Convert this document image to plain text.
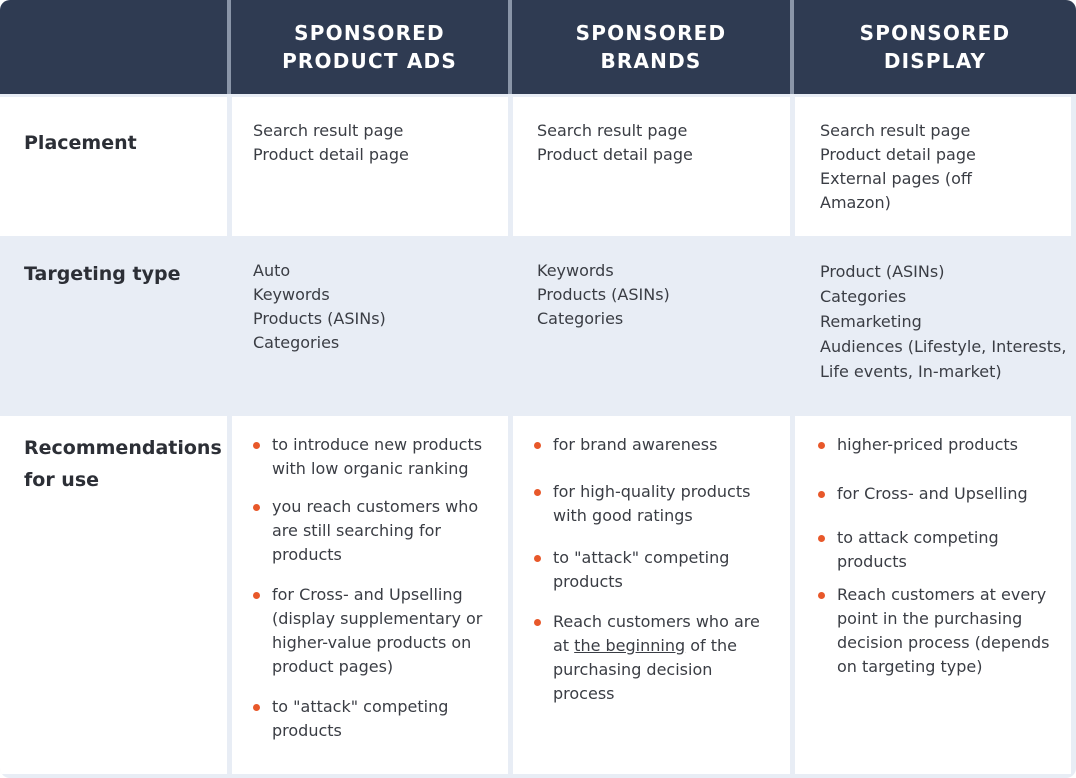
SPONSORED
PRODUCT ADS
SPONSORED
BRANDS
SPONSORED
DISPLAY
Placement
Search result page
Product detail page
Search result page
Product detail page
Search result page
Product detail page
External pages (off
Amazon)
Targeting type	Auto
Keywords
Products (ASINs)
Categories
Keywords
Products (ASINs)
Categories
Product (ASINs)
Categories
Remarketing
Audiences (Lifestyle, Interests,
Life events, In-market)
Recommendations
for use
to introduce new products
with low organic ranking
you reach customers who
are still searching for
products
for Cross- and Upselling
(display supplementary or
higher-value products on
product pages)
to "attack" competing
products
for brand awareness
for high-quality products
with good ratings
to "attack" competing
products
Reach customers who are
at the beginning of the
purchasing decision
process
higher-priced products
for Cross- and Upselling
to attack competing
products
Reach customers at every
point in the purchasing
decision process (depends
on targeting type)
